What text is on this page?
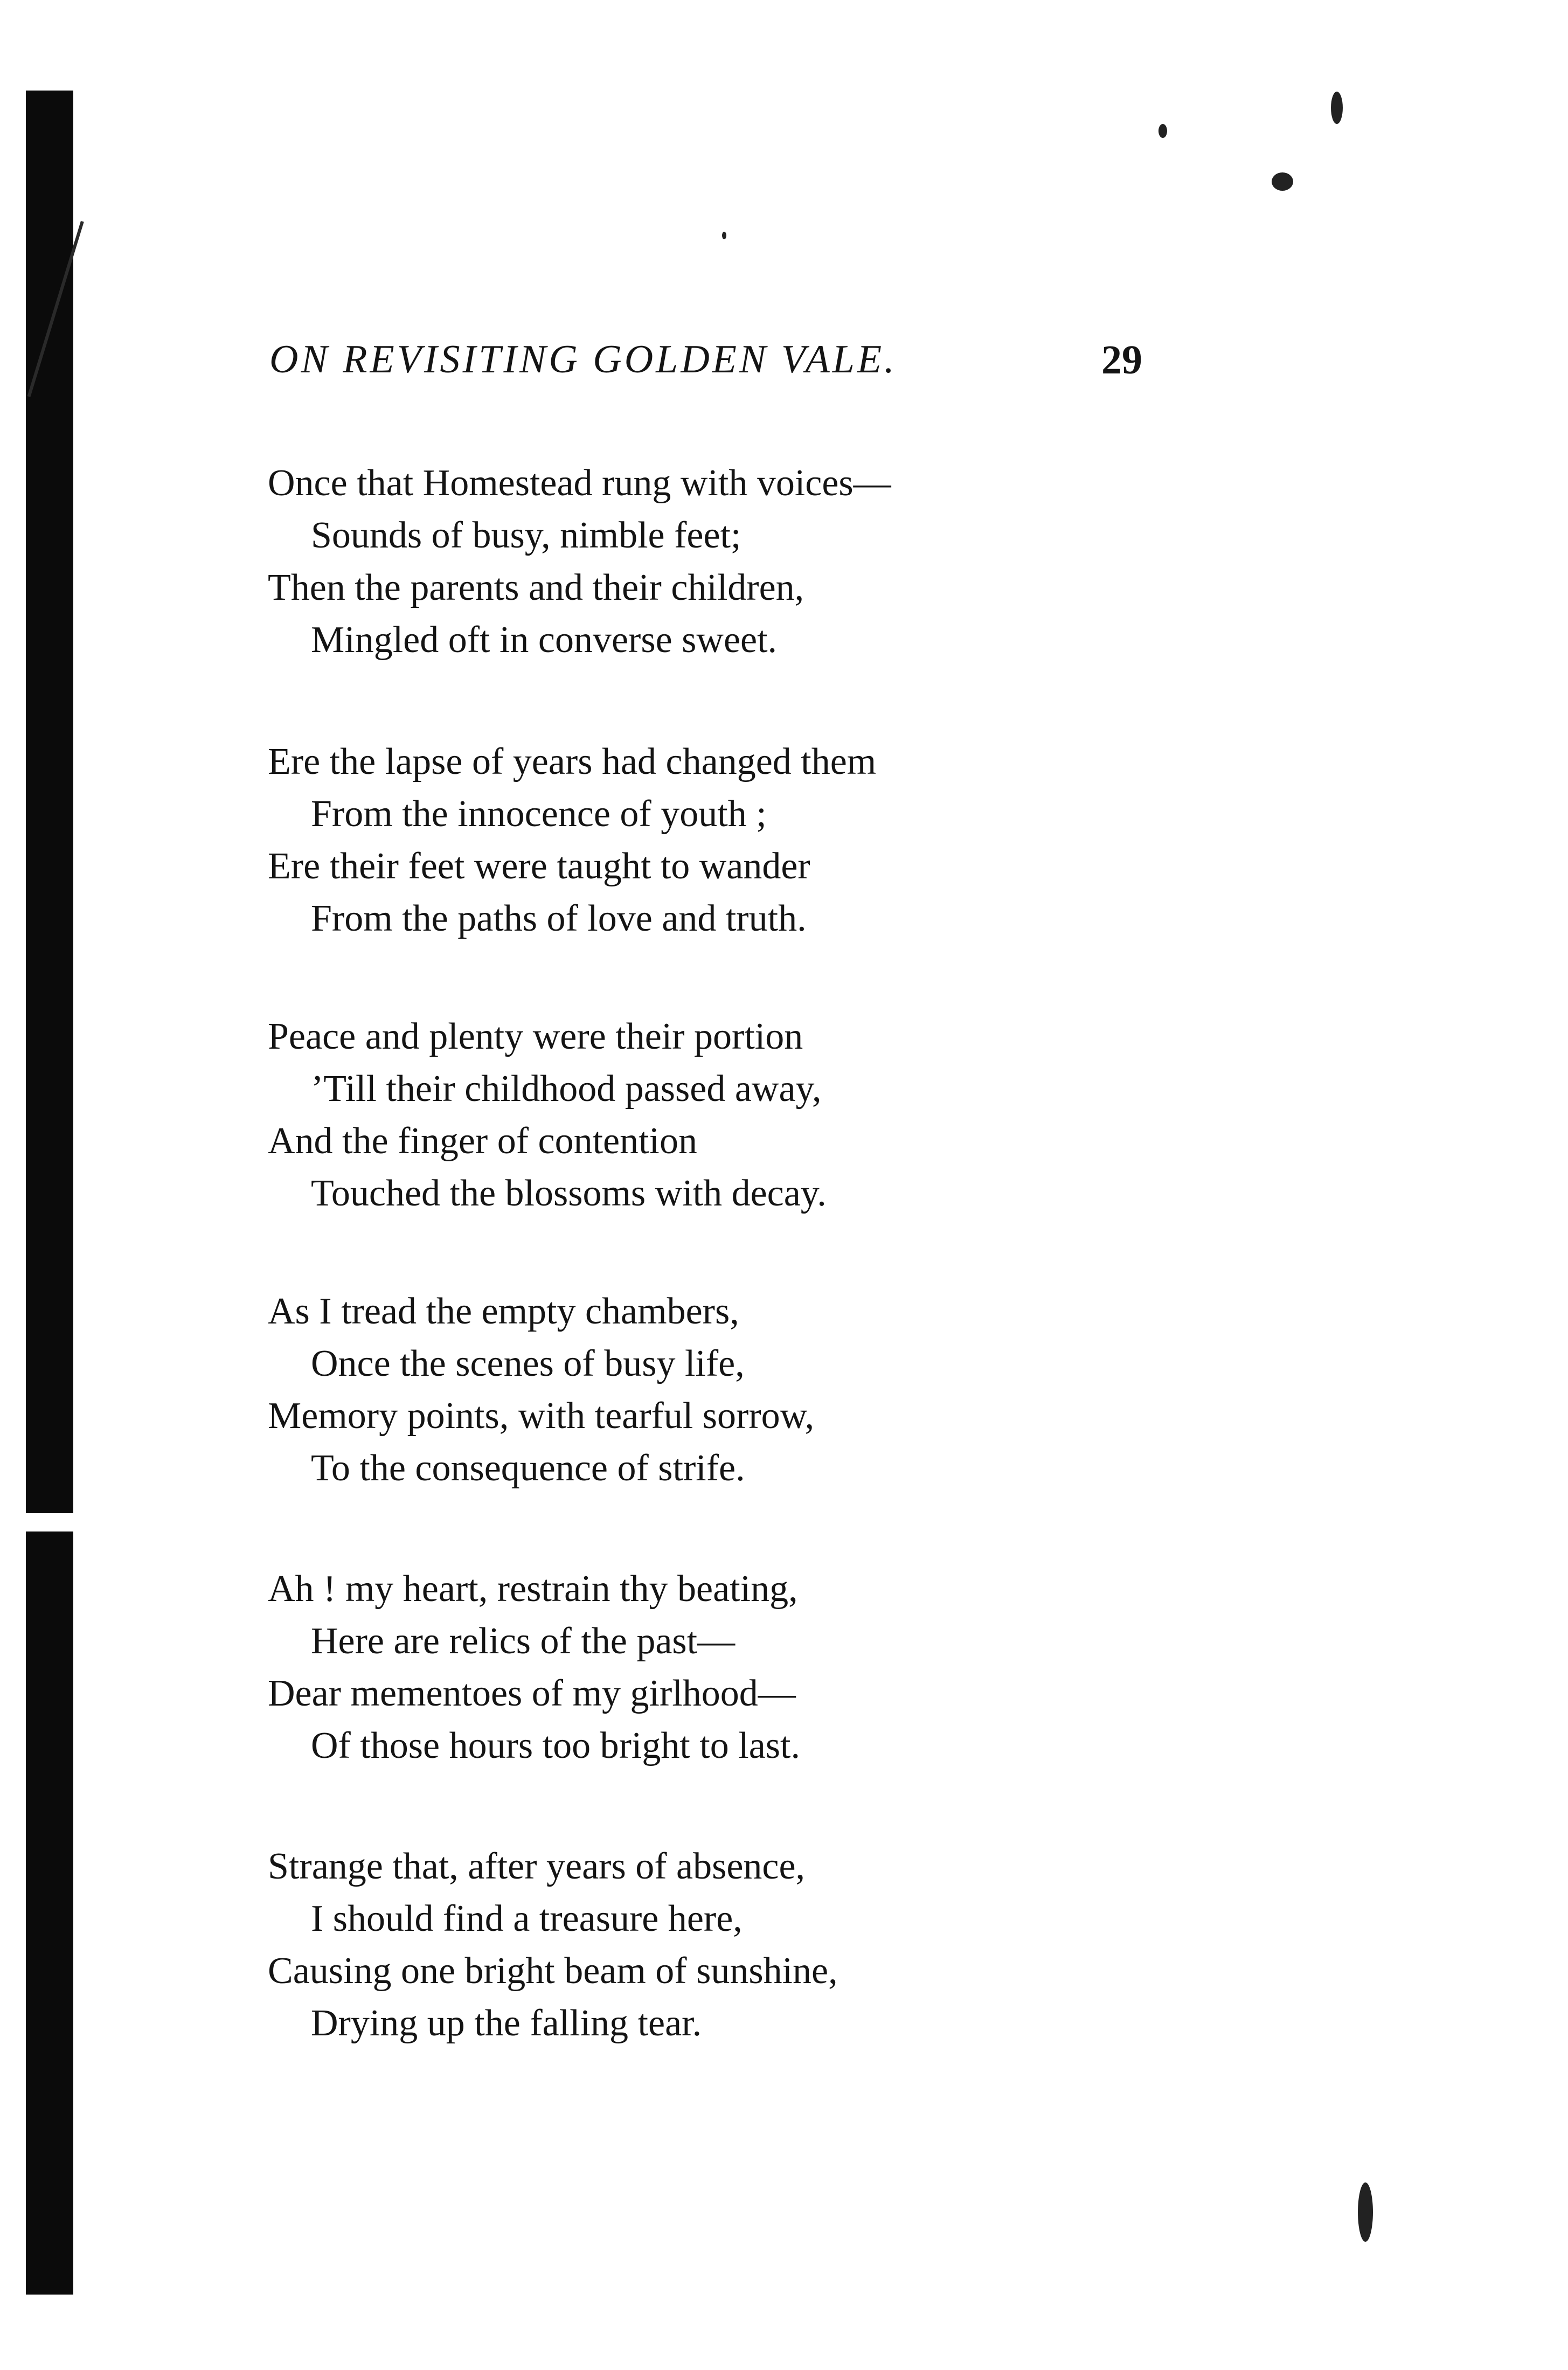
ON REVISITING GOLDEN VALE.	29
Once that Homestead rung with voices—
Sounds of busy, nimble feet;
Then the parents and their children,
Mingled oft in converse sweet.
Ere the lapse of years had changed them
From the innocence of youth ;
Ere their feet were taught to wander
From the paths of love and truth.
Peace and plenty were their portion
’Till their childhood passed away,
And the finger of contention
Touched the blossoms with decay.
As I tread the empty chambers,
Once the scenes of busy life,
Memory points, with tearful sorrow,
To the consequence of strife.
Ah ! my heart, restrain thy beating,
Here are relics of the past—
Dear mementoes of my girlhood—
Of those hours too bright to last.
Strange that, after years of absence,
I should find a treasure here,
Causing one bright beam of sunshine,
Drying up the falling tear.
